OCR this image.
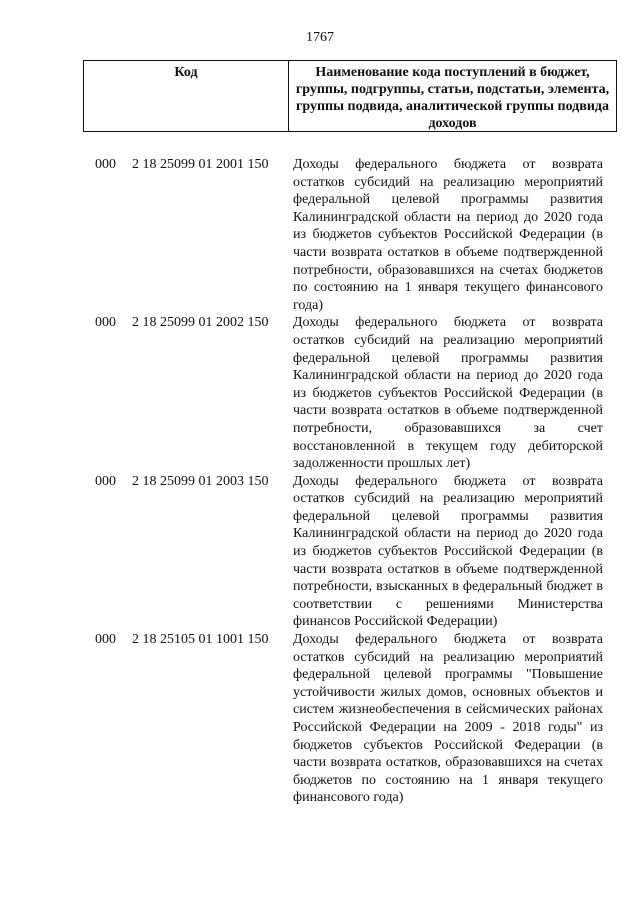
1767
Код	Наименование кода поступлений в бюджет, группы, подгруппы, статьи, подстатьи, элемента, группы подвида, аналитической группы подвида доходов
000 2 18 25099 01 2001 150 Доходы федерального бюджета от возврата остатков субсидий на реализацию мероприятий федеральной целевой программы развития Калининградской области на период до 2020 года из бюджетов субъектов Российской Федерации (в части возврата остатков в объеме подтвержденной потребности, образовавшихся на счетах бюджетов по состоянию на 1 января текущего финансового года)
000 2 18 25099 01 2002 150 Доходы федерального бюджета от возврата остатков субсидий на реализацию мероприятий федеральной целевой программы развития Калининградской области на период до 2020 года из бюджетов субъектов Российской Федерации (в части возврата остатков в объеме подтвержденной потребности, образовавшихся за счет восстановленной в текущем году дебиторской задолженности прошлых лет)
000 2 18 25099 01 2003 150 Доходы федерального бюджета от возврата остатков субсидий на реализацию мероприятий федеральной целевой программы развития Калининградской области на период до 2020 года из бюджетов субъектов Российской Федерации (в части возврата остатков в объеме подтвержденной потребности, взысканных в федеральный бюджет в соответствии с решениями Министерства финансов Российской Федерации)
000 2 18 25105 01 1001 150 Доходы федерального бюджета от возврата остатков субсидий на реализацию мероприятий федеральной целевой программы "Повышение устойчивости жилых домов, основных объектов и систем жизнеобеспечения в сейсмических районах Российской Федерации на 2009 - 2018 годы" из бюджетов субъектов Российской Федерации (в части возврата остатков, образовавшихся на счетах бюджетов по состоянию на 1 января текущего финансового года)
